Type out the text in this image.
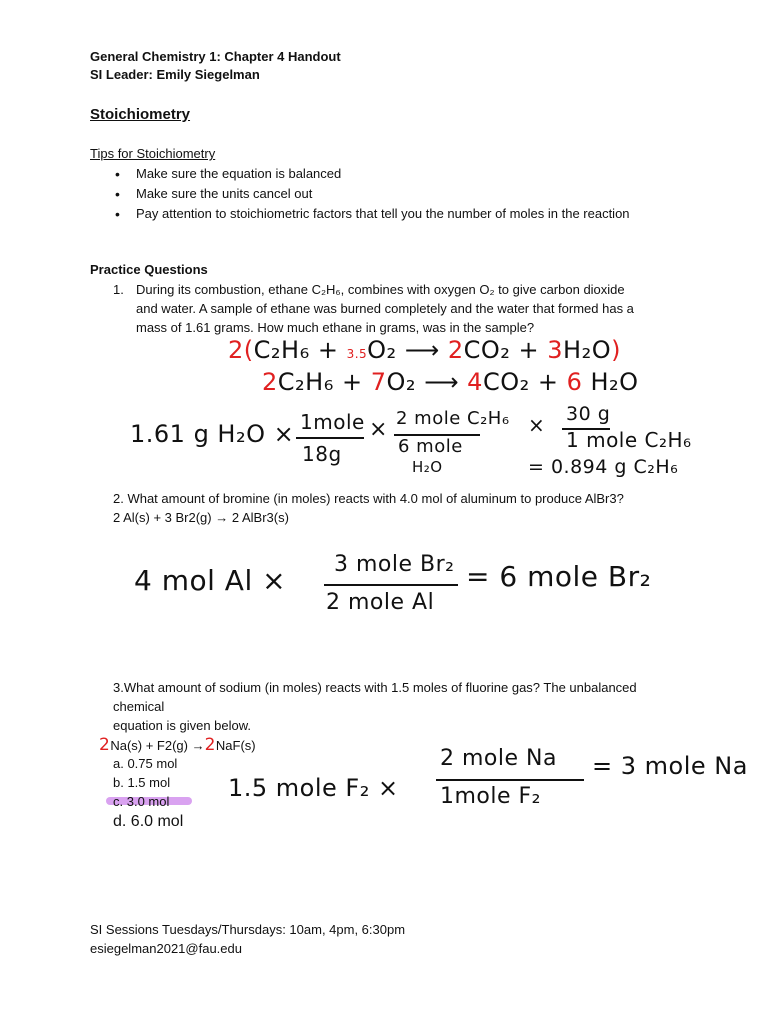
General Chemistry 1: Chapter 4 Handout
SI Leader: Emily Siegelman
Stoichiometry
Tips for Stoichiometry
• Make sure the equation is balanced
• Make sure the units cancel out
• Pay attention to stoichiometric factors that tell you the number of moles in the reaction
Practice Questions
1. During its combustion, ethane C₂H₆, combines with oxygen O₂ to give carbon dioxide
and water. A sample of ethane was burned completely and the water that formed has a
mass of 1.61 grams. How much ethane in grams, was in the sample?
2(C₂H₆ + 3.5O₂ ⟶ 2CO₂ + 3H₂O)
2C₂H₆ + 7O₂ ⟶ 4CO₂ + 6 H₂O
1.61 g H₂O × 1mole
18g
× 2 mole C₂H₆
6 mole
H₂O
× 30 g
1 mole C₂H₆
= 0.894 g C₂H₆
2. What amount of bromine (in moles) reacts with 4.0 mol of aluminum to produce AlBr3?
2 Al(s) + 3 Br2(g) → 2 AlBr3(s)
4 mol Al × 3 mole Br₂
2 mole Al
= 6 mole Br₂
3.What amount of sodium (in moles) reacts with 1.5 moles of fluorine gas? The unbalanced
chemical
equation is given below.
2Na(s) + F2(g) →2NaF(s)
a. 0.75 mol
b. 1.5 mol
c. 3.0 mol
d. 6.0 mol
1.5 mole F₂ ×
2 mole Na
1mole F₂
= 3 mole Na
SI Sessions Tuesdays/Thursdays: 10am, 4pm, 6:30pm
esiegelman2021@fau.edu
